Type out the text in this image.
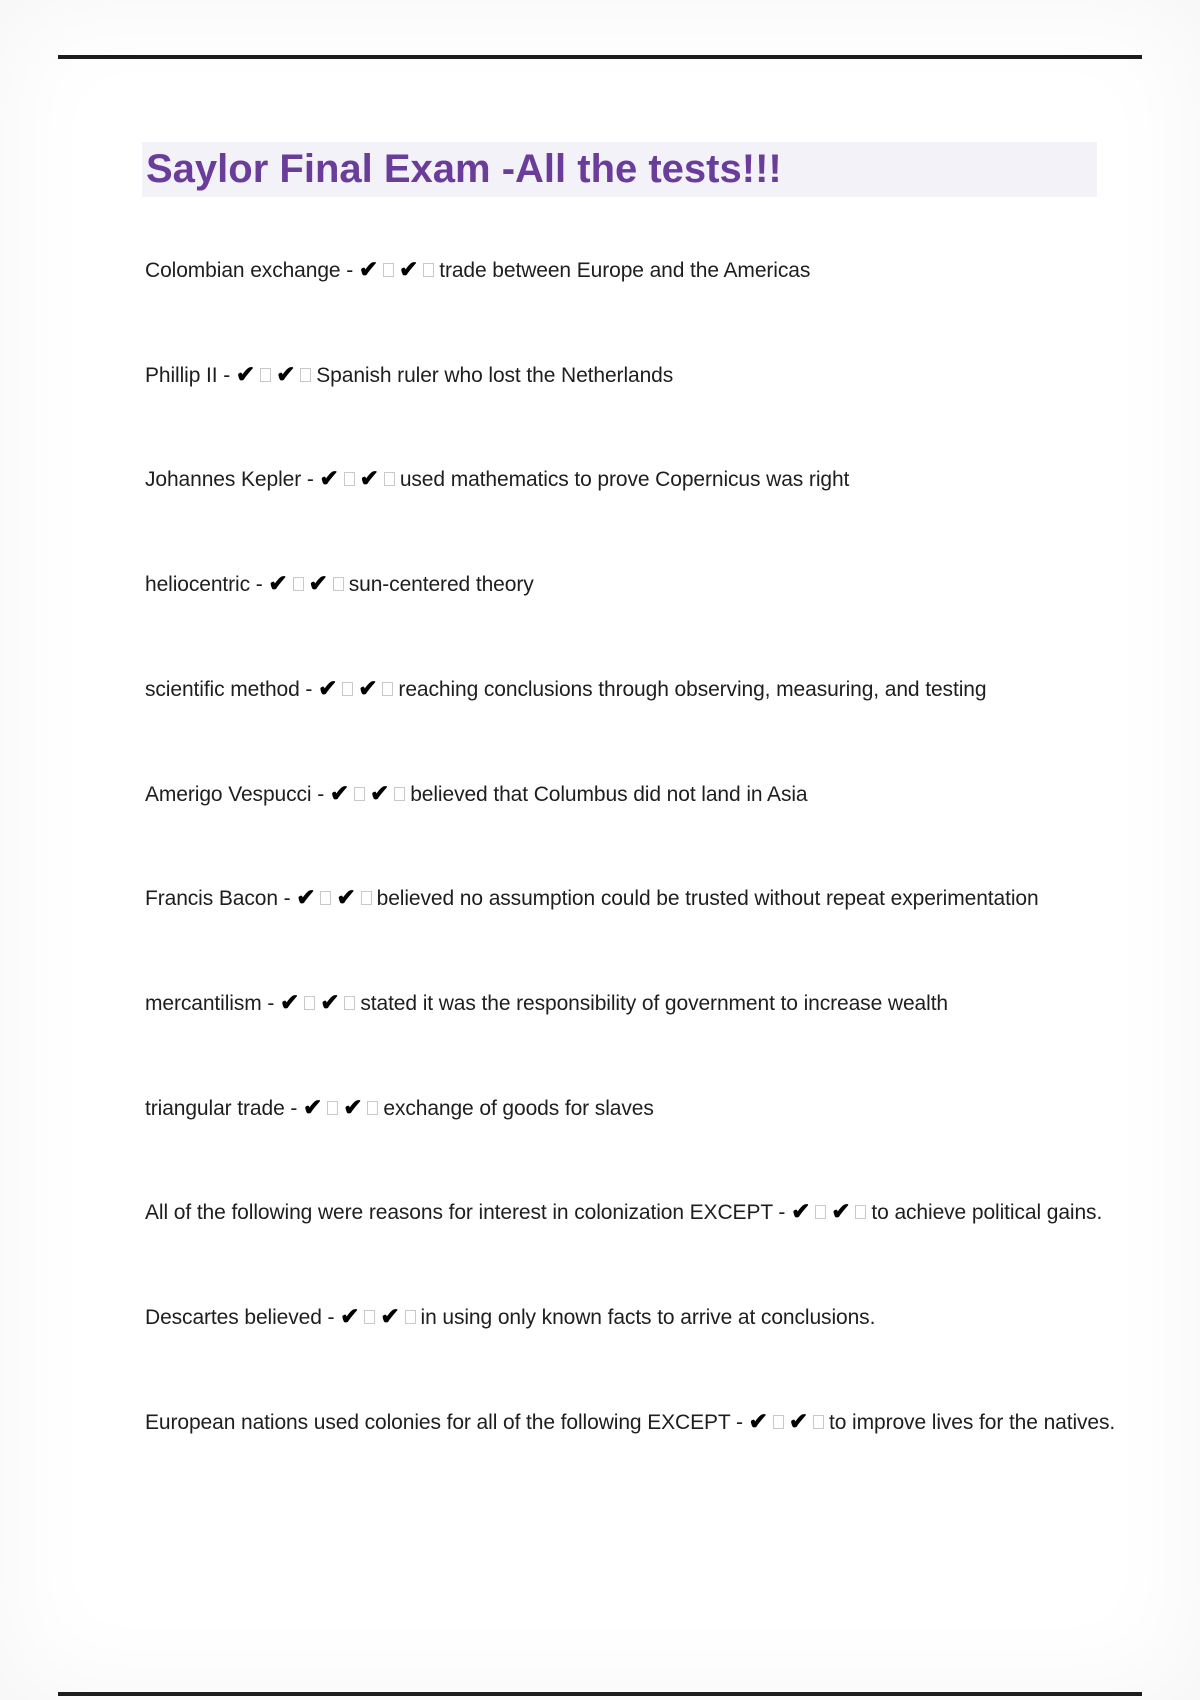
Saylor Final Exam -All the tests!!!
Colombian exchange - ✔ ✔ trade between Europe and the Americas
Phillip II - ✔ ✔ Spanish ruler who lost the Netherlands
Johannes Kepler - ✔ ✔ used mathematics to prove Copernicus was right
heliocentric - ✔ ✔ sun-centered theory
scientific method - ✔ ✔ reaching conclusions through observing, measuring, and testing
Amerigo Vespucci - ✔ ✔ believed that Columbus did not land in Asia
Francis Bacon - ✔ ✔ believed no assumption could be trusted without repeat experimentation
mercantilism - ✔ ✔ stated it was the responsibility of government to increase wealth
triangular trade - ✔ ✔ exchange of goods for slaves
All of the following were reasons for interest in colonization EXCEPT - ✔ ✔ to achieve political gains.
Descartes believed - ✔ ✔ in using only known facts to arrive at conclusions.
European nations used colonies for all of the following EXCEPT - ✔ ✔ to improve lives for the natives.
